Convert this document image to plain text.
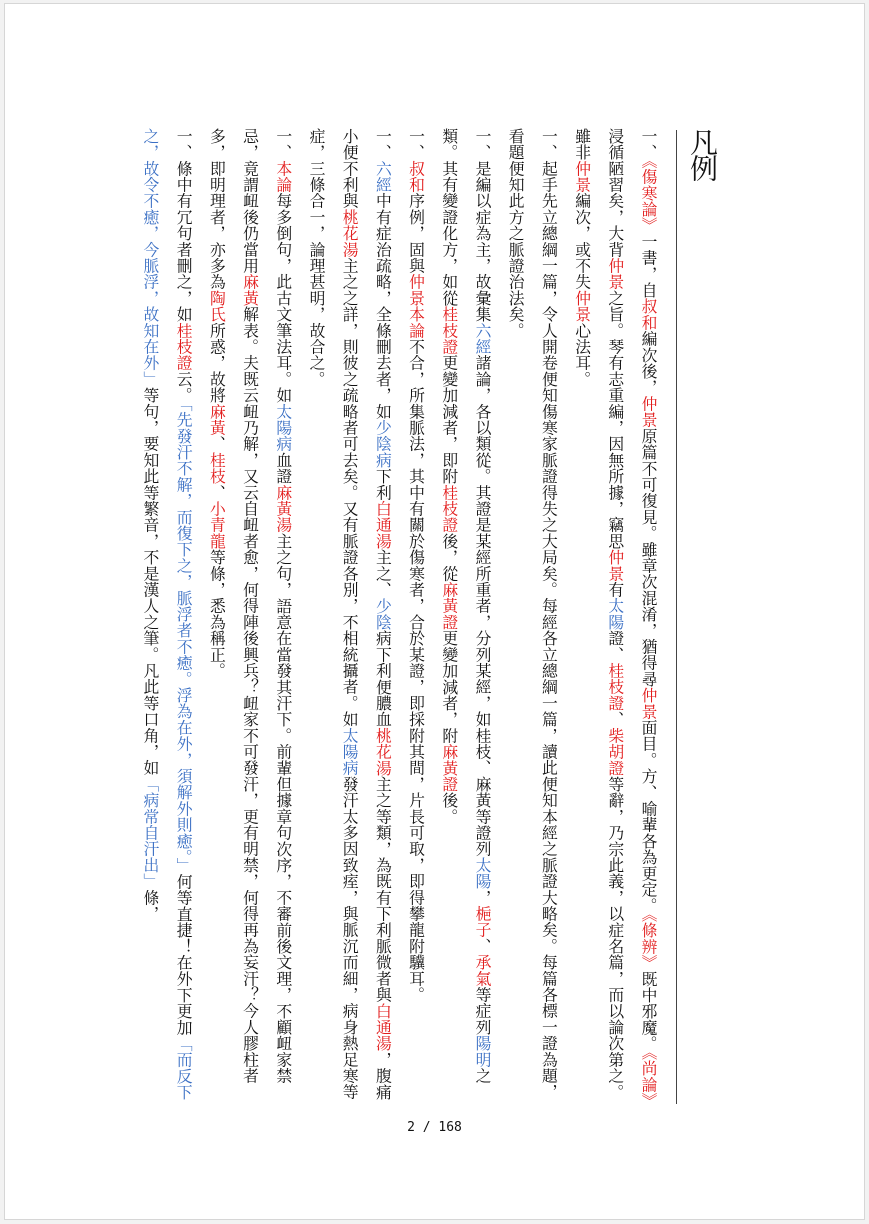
凡例

一、《傷寒論》一書，自叔和編次後，仲景原篇不可復見。雖章次混淆，猶得尋仲景面目。方、喻輩各為更定。《條辨》既中邪魔。《尚論》浸循陋習矣，大背仲景之旨。琴有志重編，因無所據，竊思仲景有太陽證、桂枝證、柴胡證等辭，乃宗此義，以症名篇，而以論次第之。雖非仲景編次，或不失仲景心法耳。

一、起手先立總綱一篇，令人開卷便知傷寒家脈證得失之大局矣。每經各立總綱一篇，讀此便知本經之脈證大略矣。每篇各標一證為題，看題便知此方之脈證治法矣。

一、是編以症為主，故彙集六經諸論，各以類從。其證是某經所重者，分列某經，如桂枝、麻黃等證列太陽，梔子、承氣等症列陽明之類。其有變證化方，如從桂枝證更變加減者，即附桂枝證後，從麻黃證更變加減者，附麻黃證後。

一、叔和序例，固與仲景本論不合，所集脈法，其中有關於傷寒者，合於某證，即採附其間，片長可取，即得攀龍附驥耳。

一、六經中有症治疏略，全條刪去者，如少陰病下利白通湯主之、少陰病下利便膿血桃花湯主之等類，為既有下利脈微者與白通湯，腹痛小便不利與桃花湯主之之詳，則彼之疏略者可去矣。又有脈證各別，不相統攝者。如太陽病發汗太多因致痓，與脈沉而細，病身熱足寒等症，三條合一，論理甚明，故合之。

一、本論每多倒句，此古文筆法耳。如太陽病血證麻黃湯主之句，語意在當發其汗下。前輩但據章句次序，不審前後文理，不顧衄家禁忌，竟謂衄後仍當用麻黃解表。夫既云衄乃解，又云自衄者愈，何得陣後興兵？衄家不可發汗，更有明禁，何得再為妄汗？今人膠柱者多，即明理者，亦多為陶氏所惑，故將麻黃、桂枝、小青龍等條，悉為稱正。

一、條中有冗句者刪之，如桂枝證云。「先發汗不解，而復下之，脈浮者不癒。浮為在外，須解外則癒。」何等直捷！在外下更加「而反下之，故令不癒，今脈浮，故知在外」等句，要知此等繁音，不是漢人之筆。凡此等口角，如「病常自汗出」條，

2 / 168
